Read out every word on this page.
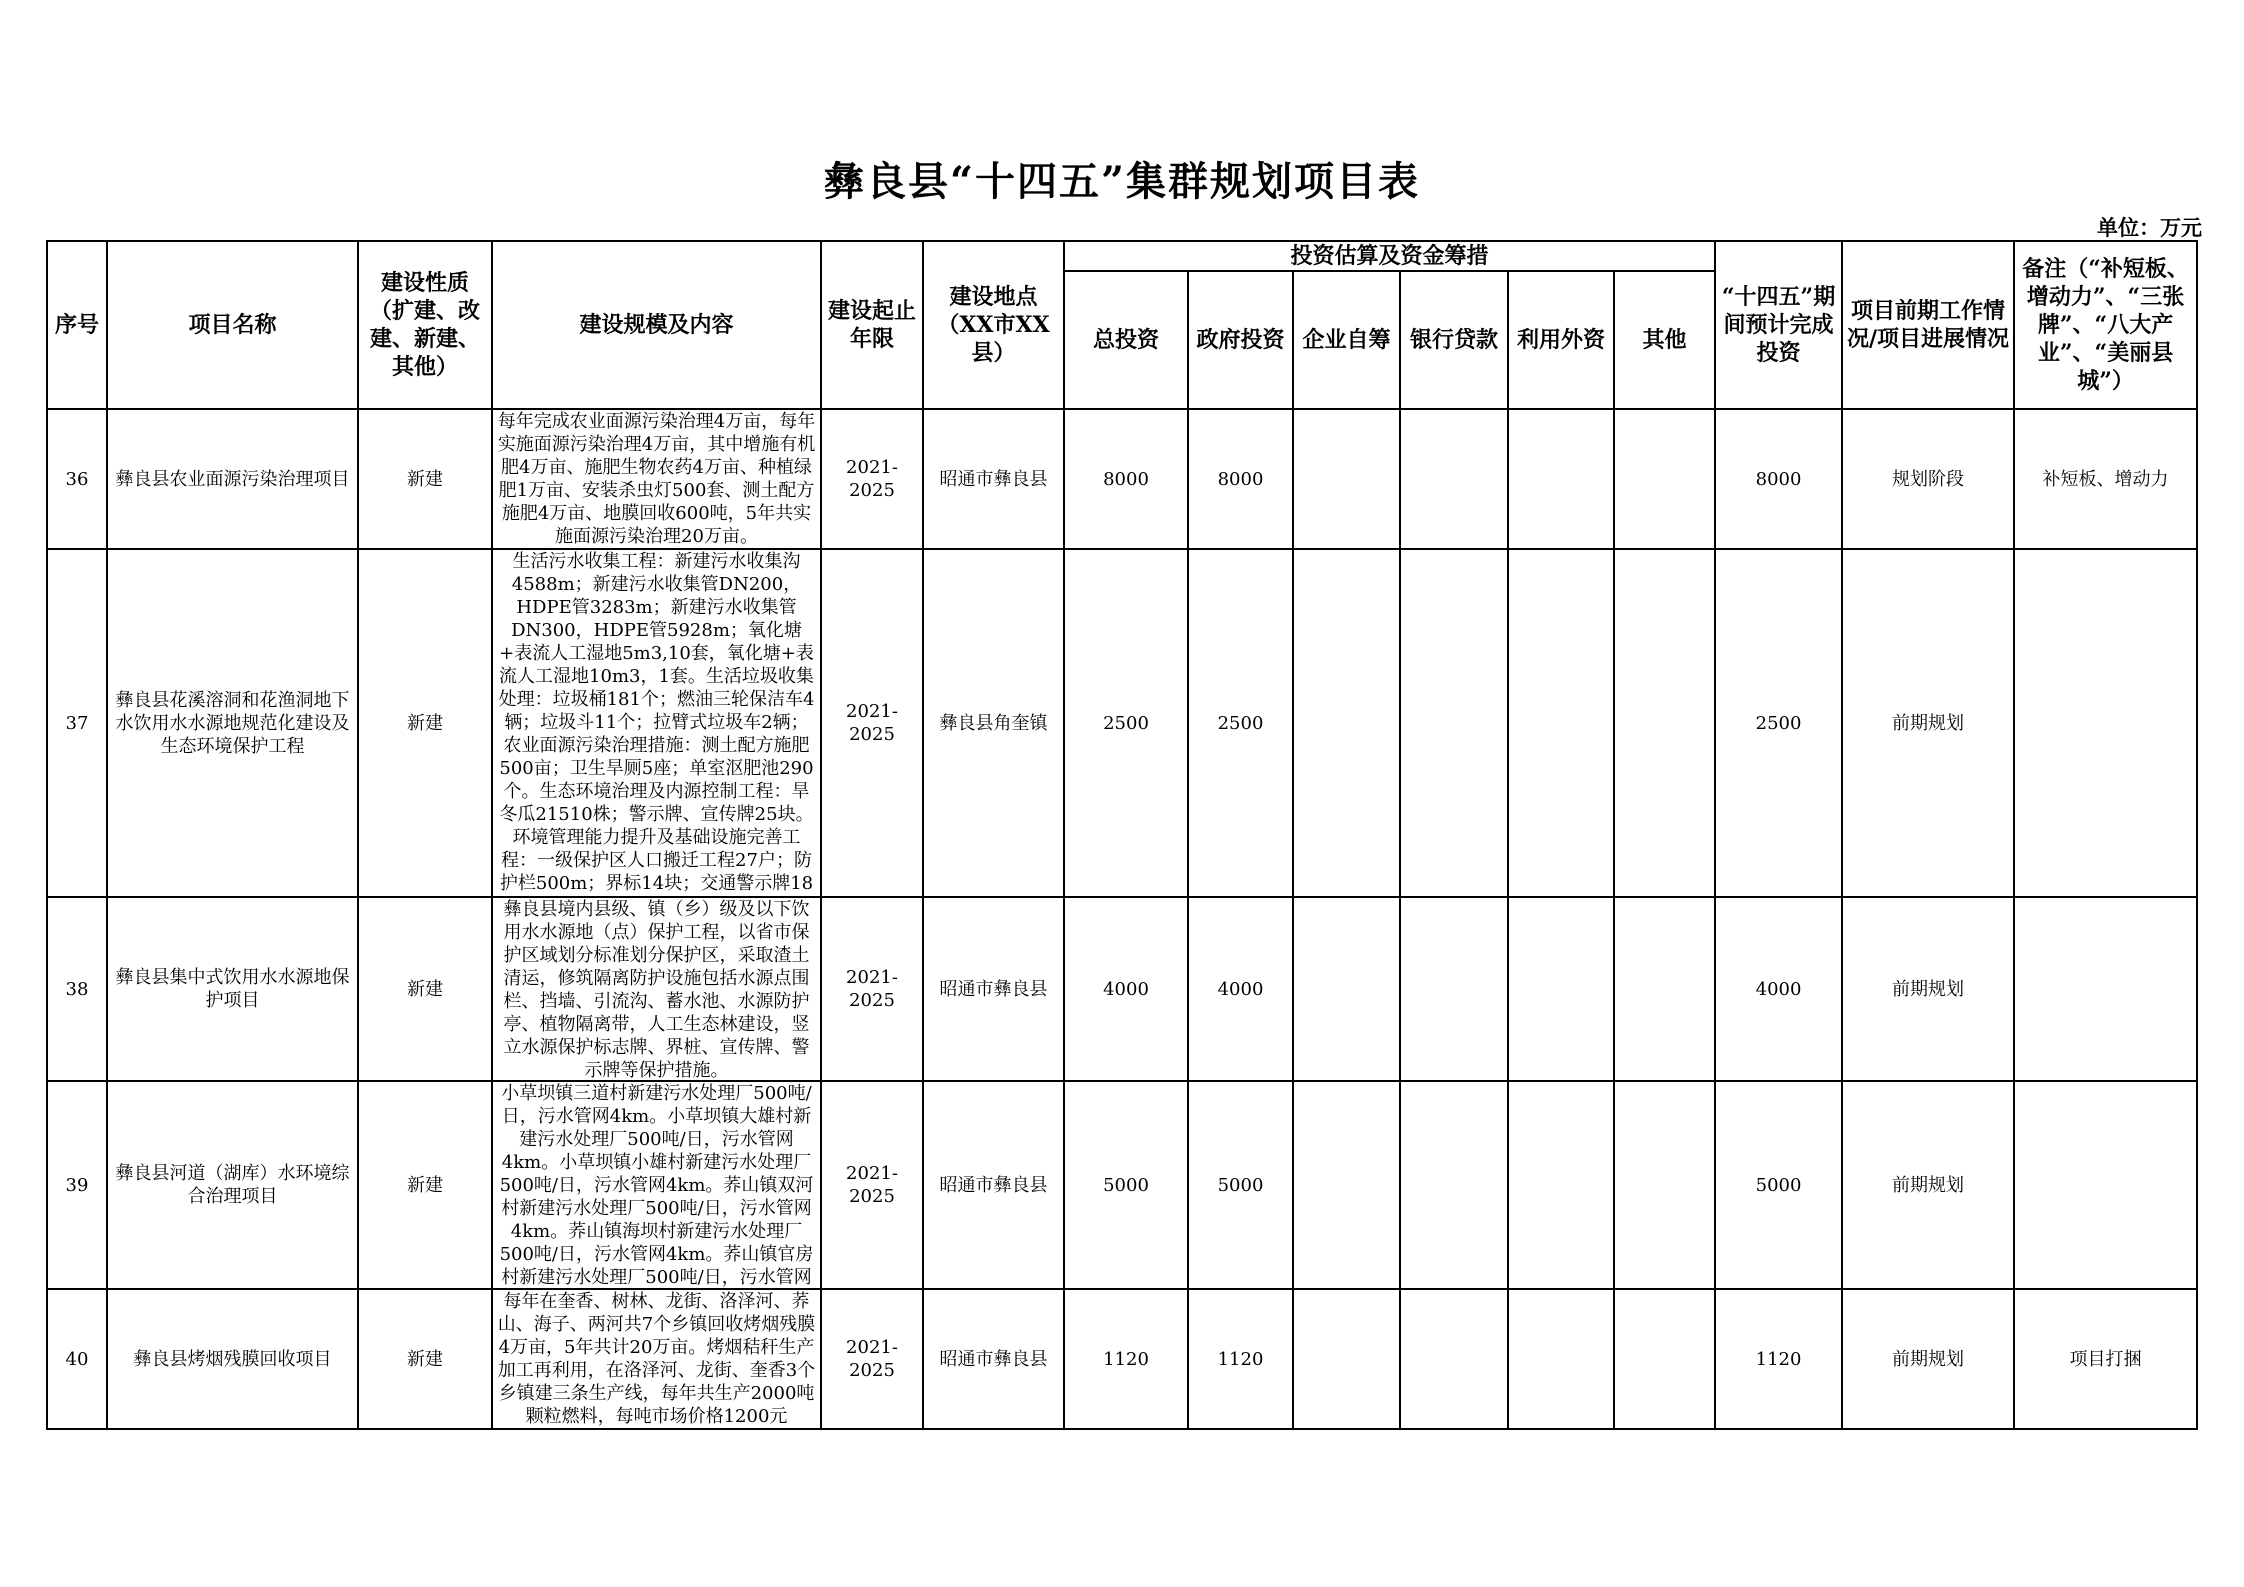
彝良县“十四五”集群规划项目表
单位：万元
序号	项目名称	建设性质（扩建、改建、新建、其他）	建设规模及内容	建设起止年限	建设地点（XX市XX县）	投资估算及资金筹措						“十四五”期间预计完成投资	项目前期工作情况/项目进展情况	备注（“补短板、增动力”、“三张牌”、“八大产业”、“美丽县城”）
						总投资	政府投资	企业自筹	银行贷款	利用外资	其他			
36	彝良县农业面源污染治理项目	新建	每年完成农业面源污染治理4万亩，每年实施面源污染治理4万亩，其中增施有机肥4万亩、施肥生物农药4万亩、种植绿肥1万亩、安装杀虫灯500套、测土配方施肥4万亩、地膜回收600吨，5年共实施面源污染治理20万亩。	2021-2025	昭通市彝良县	8000	8000					8000	规划阶段	补短板、增动力
37	彝良县花溪溶洞和花渔洞地下水饮用水水源地规范化建设及生态环境保护工程	新建	生活污水收集工程：新建污水收集沟4588m；新建污水收集管DN200，HDPE管3283m；新建污水收集管DN300，HDPE管5928m；氧化塘+表流人工湿地5m3,10套，氧化塘+表流人工湿地10m3，1套。生活垃圾收集处理：垃圾桶181个；燃油三轮保洁车4辆；垃圾斗11个；拉臂式垃圾车2辆；农业面源污染治理措施：测土配方施肥500亩；卫生旱厕5座；单室沤肥池290个。生态环境治理及内源控制工程：旱冬瓜21510株；警示牌、宣传牌25块。环境管理能力提升及基础设施完善工程：一级保护区人口搬迁工程27户；防护栏500m；界标14块；交通警示牌18	2021-2025	彝良县角奎镇	2500	2500					2500	前期规划	
38	彝良县集中式饮用水水源地保护项目	新建	彝良县境内县级、镇（乡）级及以下饮用水水源地（点）保护工程，以省市保护区域划分标准划分保护区，采取渣土清运，修筑隔离防护设施包括水源点围栏、挡墙、引流沟、蓄水池、水源防护亭、植物隔离带，人工生态林建设，竖立水源保护标志牌、界桩、宣传牌、警示牌等保护措施。	2021-2025	昭通市彝良县	4000	4000					4000	前期规划	
39	彝良县河道（湖库）水环境综合治理项目	新建	小草坝镇三道村新建污水处理厂500吨/日，污水管网4km。小草坝镇大雄村新建污水处理厂500吨/日，污水管网4km。小草坝镇小雄村新建污水处理厂500吨/日，污水管网4km。荞山镇双河村新建污水处理厂500吨/日，污水管网4km。荞山镇海坝村新建污水处理厂500吨/日，污水管网4km。荞山镇官房村新建污水处理厂500吨/日，污水管网	2021-2025	昭通市彝良县	5000	5000					5000	前期规划	
40	彝良县烤烟残膜回收项目	新建	每年在奎香、树林、龙街、洛泽河、荞山、海子、两河共7个乡镇回收烤烟残膜4万亩，5年共计20万亩。烤烟秸秆生产加工再利用，在洛泽河、龙街、奎香3个乡镇建三条生产线，每年共生产2000吨颗粒燃料，每吨市场价格1200元	2021-2025	昭通市彝良县	1120	1120					1120	前期规划	项目打捆
